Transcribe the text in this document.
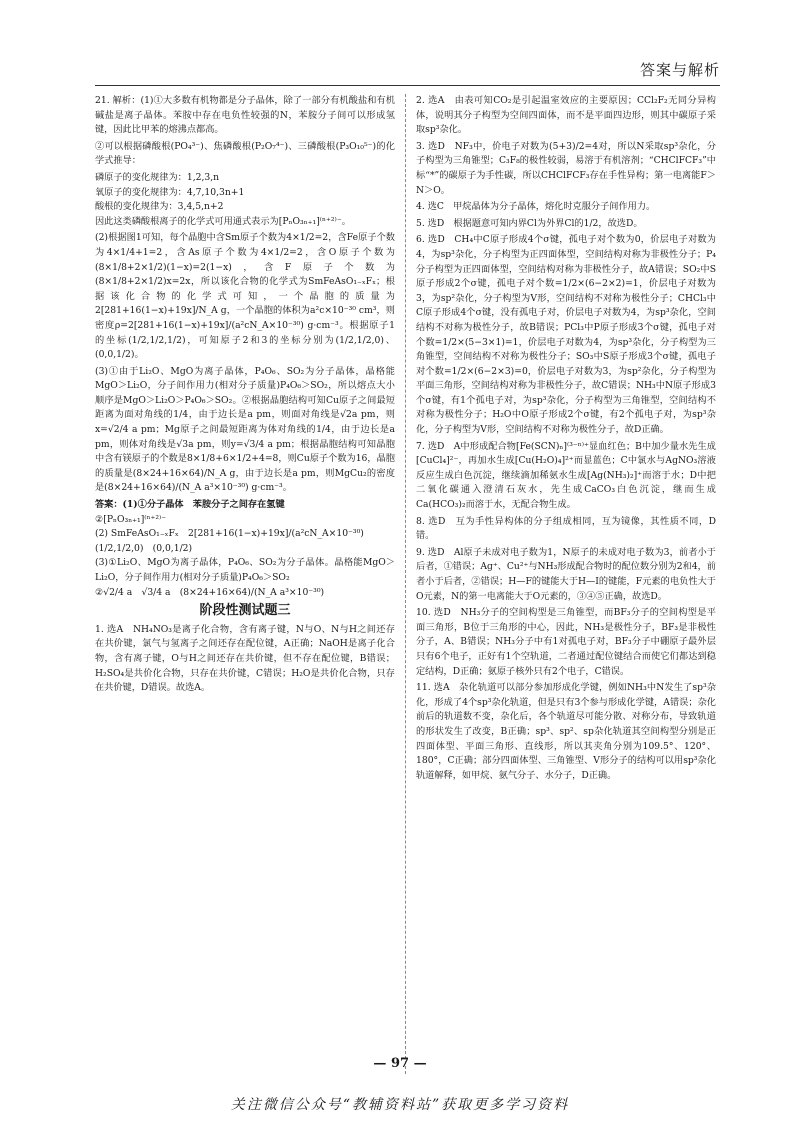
答案与解析

21. 解析：(1)①大多数有机物都是分子晶体，除了一部分有机酸盐和有机碱盐是离子晶体。苯胺中存在电负性较强的N，苯胺分子间可以形成氢键，因此比甲苯的熔沸点都高。

②可以根据磷酸根(PO₄³⁻)、焦磷酸根(P₂O₇⁴⁻)、三磷酸根(P₃O₁₀⁵⁻)的化学式推导：

磷原子的变化规律为：1,2,3,n

氧原子的变化规律为：4,7,10,3n+1

酸根的变化规律为：3,4,5,n+2

因此这类磷酸根离子的化学式可用通式表示为[PₙO₃ₙ₊₁]⁽ⁿ⁺²⁾⁻。

(2)根据图1可知，每个晶胞中含Sm原子个数为4×1/2=2，含Fe原子个数为4×1/4+1=2，含As原子个数为4×1/2=2，含O原子个数为(8×1/8+2×1/2)(1−x)=2(1−x)，含F原子个数为(8×1/8+2×1/2)x=2x，所以该化合物的化学式为SmFeAsO₁₋ₓFₓ；根据该化合物的化学式可知，一个晶胞的质量为2[281+16(1−x)+19x]/N_A g，一个晶胞的体积为a²c×10⁻³⁰ cm³，则密度ρ=2[281+16(1−x)+19x]/(a²cN_A×10⁻³⁰) g·cm⁻³。根据原子1的坐标(1/2,1/2,1/2)，可知原子2和3的坐标分别为(1/2,1/2,0)、(0,0,1/2)。

(3)①由于Li₂O、MgO为离子晶体，P₄O₆、SO₂为分子晶体，晶格能MgO＞Li₂O，分子间作用力(相对分子质量)P₄O₆＞SO₂，所以熔点大小顺序是MgO＞Li₂O＞P₄O₆＞SO₂。②根据晶胞结构可知Cu原子之间最短距离为面对角线的1/4，由于边长是a pm，则面对角线是√2a pm，则x=√2/4 a pm；Mg原子之间最短距离为体对角线的1/4，由于边长是a pm，则体对角线是√3a pm，则y=√3/4 a pm；根据晶胞结构可知晶胞中含有镁原子的个数是8×1/8+6×1/2+4=8，则Cu原子个数为16，晶胞的质量是(8×24+16×64)/N_A g，由于边长是a pm，则MgCu₂的密度是(8×24+16×64)/(N_A a³×10⁻³⁰) g·cm⁻³。

答案：(1)①分子晶体　苯胺分子之间存在氢键

②[PₙO₃ₙ₊₁]⁽ⁿ⁺²⁾⁻

(2) SmFeAsO₁₋ₓFₓ　2[281+16(1−x)+19x]/(a²cN_A×10⁻³⁰)

(1/2,1/2,0)　(0,0,1/2)

(3)①Li₂O、MgO为离子晶体，P₄O₆、SO₂为分子晶体。晶格能MgO＞Li₂O，分子间作用力(相对分子质量)P₄O₆＞SO₂

②√2/4 a　√3/4 a　(8×24+16×64)/(N_A a³×10⁻³⁰)

阶段性测试题三

1. 选A　NH₄NO₃是离子化合物，含有离子键，N与O、N与H之间还存在共价键，氯气与氢离子之间还存在配位键，A正确；NaOH是离子化合物，含有离子键，O与H之间还存在共价键，但不存在配位键，B错误；H₂SO₄是共价化合物，只存在共价键，C错误；H₂O是共价化合物，只存在共价键，D错误。故选A。

2. 选A　由表可知CO₂是引起温室效应的主要原因；CCl₂F₂无同分异构体，说明其分子构型为空间四面体，而不是平面四边形，则其中碳原子采取sp³杂化。

3. 选D　NF₃中，价电子对数为(5+3)/2=4对，所以N采取sp³杂化，分子构型为三角锥型；C₃F₈的极性较弱，易溶于有机溶剂；“CHClFCF₃”中标“*”的碳原子为手性碳，所以CHClFCF₃存在手性异构；第一电离能F＞N＞O。

4. 选C　甲烷晶体为分子晶体，熔化时克服分子间作用力。

5. 选D　根据题意可知内界Cl为外界Cl的1/2，故选D。

6. 选D　CH₄中C原子形成4个σ键，孤电子对个数为0，价层电子对数为4，为sp³杂化，分子构型为正四面体型，空间结构对称为非极性分子；P₄分子构型为正四面体型，空间结构对称为非极性分子，故A错误；SO₂中S原子形成2个σ键，孤电子对个数=1/2×(6−2×2)=1，价层电子对数为3，为sp²杂化，分子构型为V形，空间结构不对称为极性分子；CHCl₃中C原子形成4个σ键，没有孤电子对，价层电子对数为4，为sp³杂化，空间结构不对称为极性分子，故B错误；PCl₃中P原子形成3个σ键，孤电子对个数=1/2×(5−3×1)=1，价层电子对数为4，为sp³杂化，分子构型为三角锥型，空间结构不对称为极性分子；SO₃中S原子形成3个σ键，孤电子对个数=1/2×(6−2×3)=0，价层电子对数为3，为sp²杂化，分子构型为平面三角形，空间结构对称为非极性分子，故C错误；NH₃中N原子形成3个σ键，有1个孤电子对，为sp³杂化，分子构型为三角锥型，空间结构不对称为极性分子；H₂O中O原子形成2个σ键，有2个孤电子对，为sp³杂化，分子构型为V形，空间结构不对称为极性分子，故D正确。

7. 选D　A中形成配合物[Fe(SCN)ₙ]⁽³⁻ⁿ⁾⁺显血红色；B中加少量水先生成[CuCl₄]²⁻，再加水生成[Cu(H₂O)₄]²⁺而显蓝色；C中氯水与AgNO₃溶液反应生成白色沉淀，继续滴加稀氨水生成[Ag(NH₃)₂]⁺而溶于水；D中把二氧化碳通入澄清石灰水，先生成CaCO₃白色沉淀，继而生成Ca(HCO₃)₂而溶于水，无配合物生成。

8. 选D　互为手性异构体的分子组成相同，互为镜像，其性质不同，D错。

9. 选D　Al原子未成对电子数为1，N原子的未成对电子数为3，前者小于后者，①错误；Ag⁺、Cu²⁺与NH₃形成配合物时的配位数分别为2和4，前者小于后者，②错误；H—F的键能大于H—I的键能，F元素的电负性大于O元素，N的第一电离能大于O元素的，③④⑤正确，故选D。

10. 选D　NH₃分子的空间构型是三角锥型，而BF₃分子的空间构型是平面三角形，B位于三角形的中心，因此，NH₃是极性分子，BF₃是非极性分子，A、B错误；NH₃分子中有1对孤电子对，BF₃分子中硼原子最外层只有6个电子，正好有1个空轨道，二者通过配位键结合而使它们都达到稳定结构，D正确；氨原子核外只有2个电子，C错误。

11. 选A　杂化轨道可以部分参加形成化学键，例如NH₃中N发生了sp³杂化，形成了4个sp³杂化轨道，但是只有3个参与形成化学键，A错误；杂化前后的轨道数不变，杂化后，各个轨道尽可能分散、对称分布，导致轨道的形状发生了改变，B正确；sp³、sp²、sp杂化轨道其空间构型分别是正四面体型、平面三角形、直线形，所以其夹角分别为109.5°、120°、180°，C正确；部分四面体型、三角锥型、V形分子的结构可以用sp³杂化轨道解释，如甲烷、氨气分子、水分子，D正确。

— 97 —
关注微信公众号“教辅资料站”获取更多学习资料
